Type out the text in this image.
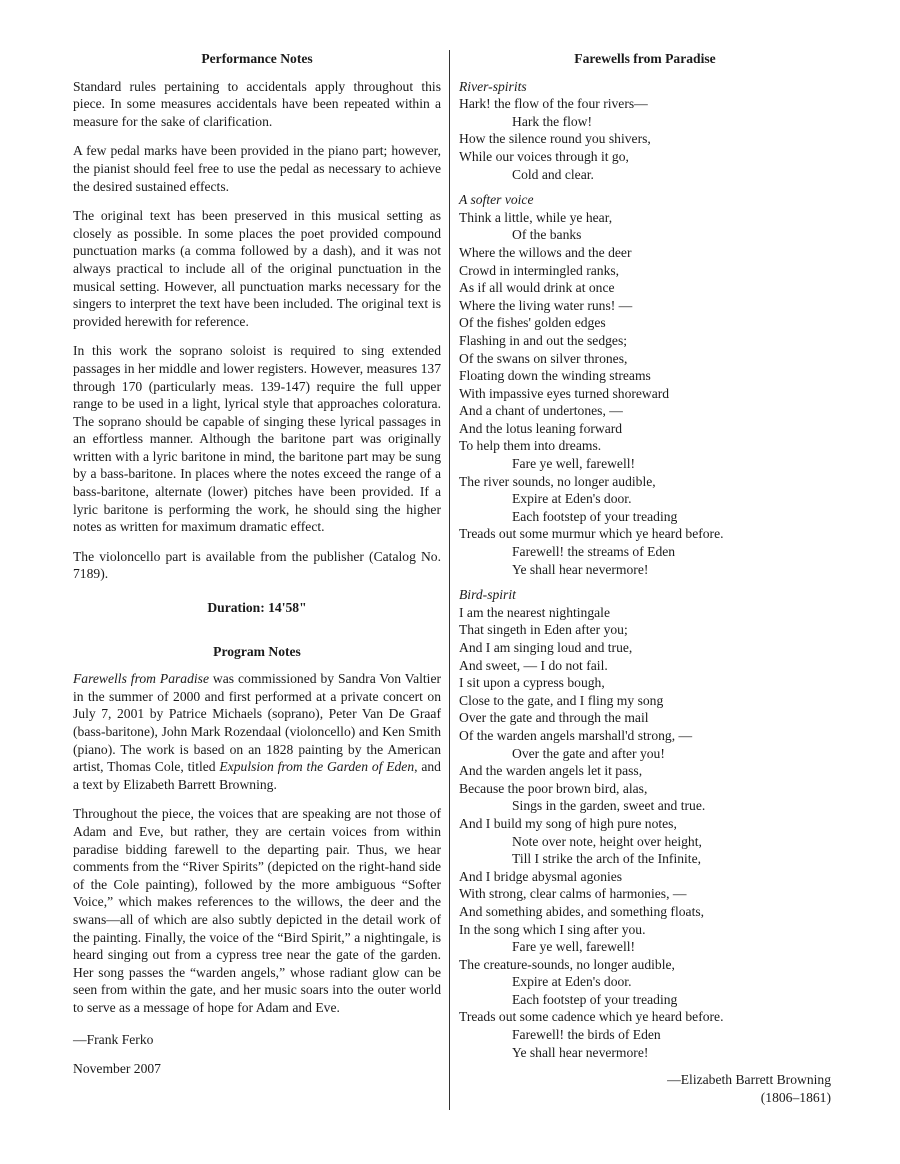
Performance Notes

Standard rules pertaining to accidentals apply throughout this piece. In some measures accidentals have been repeated within a measure for the sake of clarification.

A few pedal marks have been provided in the piano part; however, the pianist should feel free to use the pedal as necessary to achieve the desired sustained effects.

The original text has been preserved in this musical setting as closely as possible. In some places the poet provided compound punctuation marks (a comma followed by a dash), and it was not always practical to include all of the original punctuation in the musical setting. However, all punctuation marks necessary for the singers to interpret the text have been included. The original text is provided herewith for reference.

In this work the soprano soloist is required to sing extended passages in her middle and lower registers. However, measures 137 through 170 (particularly meas. 139-147) require the full upper range to be used in a light, lyrical style that approaches coloratura. The soprano should be capable of singing these lyrical passages in an effortless manner. Although the baritone part was originally written with a lyric baritone in mind, the baritone part may be sung by a bass-baritone. In places where the notes exceed the range of a bass-baritone, alternate (lower) pitches have been provided. If a lyric baritone is performing the work, he should sing the higher notes as written for maximum dramatic effect.

The violoncello part is available from the publisher (Catalog No. 7189).

Duration: 14'58"
Program Notes

Farewells from Paradise was commissioned by Sandra Von Valtier in the summer of 2000 and first performed at a private concert on July 7, 2001 by Patrice Michaels (soprano), Peter Van De Graaf (bass-baritone), John Mark Rozendaal (violoncello) and Ken Smith (piano). The work is based on an 1828 painting by the American artist, Thomas Cole, titled Expulsion from the Garden of Eden, and a text by Elizabeth Barrett Browning.

Throughout the piece, the voices that are speaking are not those of Adam and Eve, but rather, they are certain voices from within paradise bidding farewell to the departing pair. Thus, we hear comments from the “River Spirits” (depicted on the right-hand side of the Cole painting), followed by the more ambiguous “Softer Voice,” which makes references to the willows, the deer and the swans—all of which are also subtly depicted in the detail work of the painting. Finally, the voice of the “Bird Spirit,” a nightingale, is heard singing out from a cypress tree near the gate of the garden. Her song passes the “warden angels,” whose radiant glow can be seen from within the gate, and her music soars into the outer world to serve as a message of hope for Adam and Eve.

—Frank Ferko

November 2007

Farewells from Paradise
River-spirits
Hark! the flow of the four rivers—
Hark the flow!
How the silence round you shivers,
While our voices through it go,
Cold and clear.
A softer voice
Think a little, while ye hear,
Of the banks
Where the willows and the deer
Crowd in intermingled ranks,
As if all would drink at once
Where the living water runs! —
Of the fishes' golden edges
Flashing in and out the sedges;
Of the swans on silver thrones,
Floating down the winding streams
With impassive eyes turned shoreward
And a chant of undertones, —
And the lotus leaning forward
To help them into dreams.
Fare ye well, farewell!
The river sounds, no longer audible,
Expire at Eden's door.
Each footstep of your treading
Treads out some murmur which ye heard before.
Farewell! the streams of Eden
Ye shall hear nevermore!
Bird-spirit
I am the nearest nightingale
That singeth in Eden after you;
And I am singing loud and true,
And sweet, — I do not fail.
I sit upon a cypress bough,
Close to the gate, and I fling my song
Over the gate and through the mail
Of the warden angels marshall'd strong, —
Over the gate and after you!
And the warden angels let it pass,
Because the poor brown bird, alas,
Sings in the garden, sweet and true.
And I build my song of high pure notes,
Note over note, height over height,
Till I strike the arch of the Infinite,
And I bridge abysmal agonies
With strong, clear calms of harmonies, —
And something abides, and something floats,
In the song which I sing after you.
Fare ye well, farewell!
The creature-sounds, no longer audible,
Expire at Eden's door.
Each footstep of your treading
Treads out some cadence which ye heard before.
Farewell! the birds of Eden
Ye shall hear nevermore!

—Elizabeth Barrett Browning

(1806–1861)
